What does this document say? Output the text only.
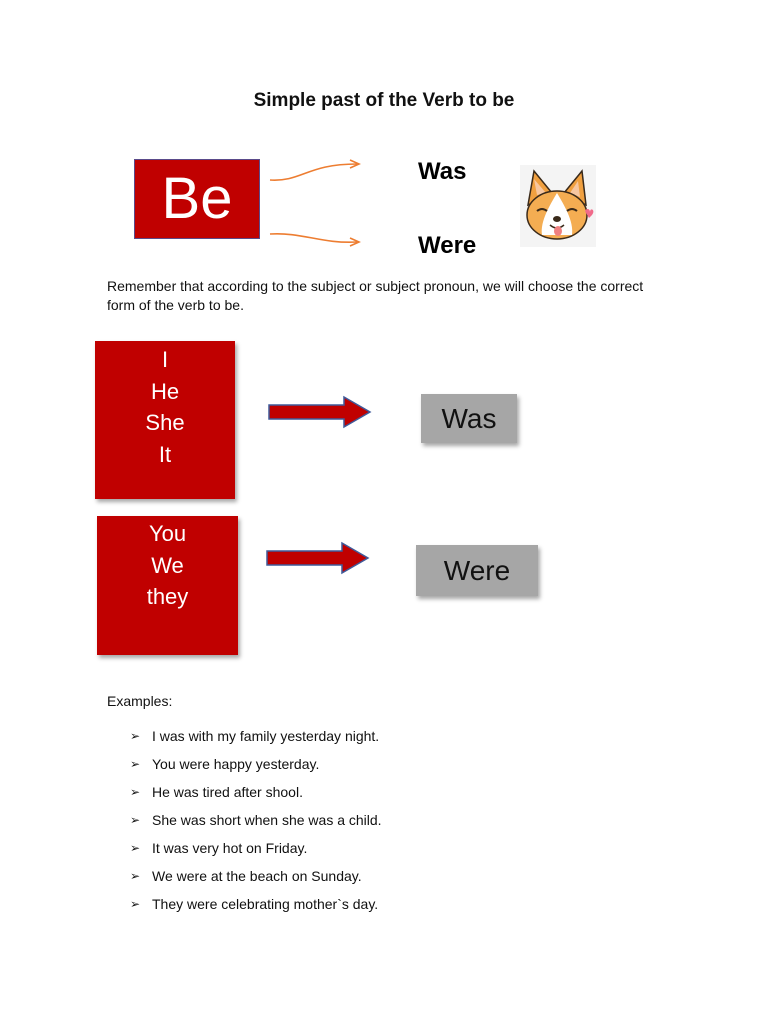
Simple past of the Verb to be
Be	Was
Were
Remember that according to the subject or subject pronoun, we will choose the correct form of the verb to be.
I
He
She
It
Was
You
We
they
Were
Examples:
➢ I was with my family yesterday night.
➢ You were happy yesterday.
➢ He was tired after shool.
➢ She was short when she was a child.
➢ It was very hot on Friday.
➢ We were at the beach on Sunday.
➢ They were celebrating mother`s day.
